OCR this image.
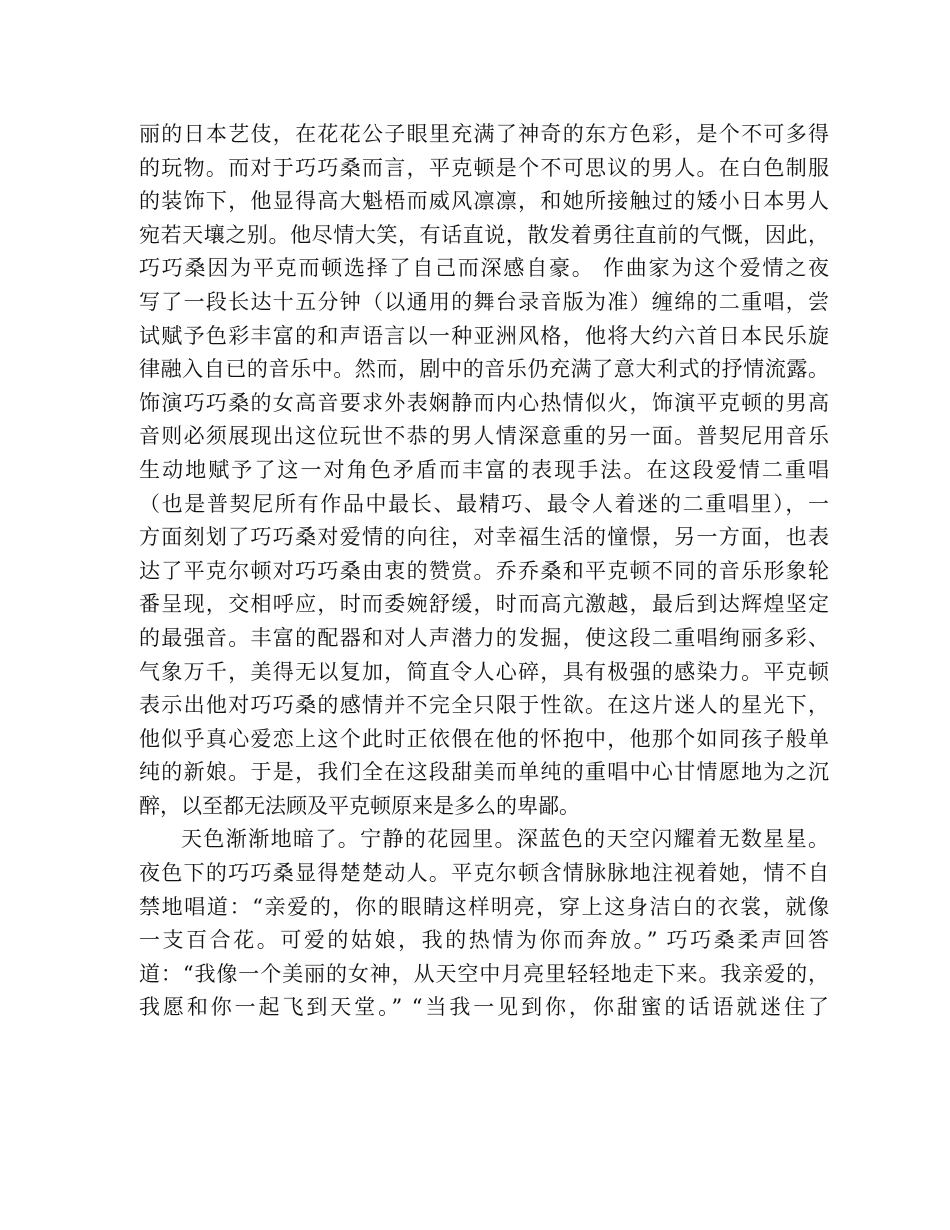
丽的日本艺伎，在花花公子眼里充满了神奇的东方色彩，是个不可多得
的玩物。而对于巧巧桑而言，平克顿是个不可思议的男人。在白色制服
的装饰下，他显得高大魁梧而威风凛凛，和她所接触过的矮小日本男人
宛若天壤之别。他尽情大笑，有话直说，散发着勇往直前的气慨，因此，
巧巧桑因为平克而顿选择了自己而深感自豪。 作曲家为这个爱情之夜
写了一段长达十五分钟（以通用的舞台录音版为准）缠绵的二重唱，尝
试赋予色彩丰富的和声语言以一种亚洲风格，他将大约六首日本民乐旋
律融入自已的音乐中。然而，剧中的音乐仍充满了意大利式的抒情流露。
饰演巧巧桑的女高音要求外表娴静而内心热情似火，饰演平克顿的男高
音则必须展现出这位玩世不恭的男人情深意重的另一面。普契尼用音乐
生动地赋予了这一对角色矛盾而丰富的表现手法。在这段爱情二重唱
（也是普契尼所有作品中最长、最精巧、最令人着迷的二重唱里），一
方面刻划了巧巧桑对爱情的向往，对幸福生活的憧憬，另一方面，也表
达了平克尔顿对巧巧桑由衷的赞赏。乔乔桑和平克顿不同的音乐形象轮
番呈现，交相呼应，时而委婉舒缓，时而高亢激越，最后到达辉煌坚定
的最强音。丰富的配器和对人声潜力的发掘，使这段二重唱绚丽多彩、
气象万千，美得无以复加，简直令人心碎，具有极强的感染力。平克顿
表示出他对巧巧桑的感情并不完全只限于性欲。在这片迷人的星光下，
他似乎真心爱恋上这个此时正依偎在他的怀抱中，他那个如同孩子般单
纯的新娘。于是，我们全在这段甜美而单纯的重唱中心甘情愿地为之沉
醉，以至都无法顾及平克顿原来是多么的卑鄙。
天色渐渐地暗了。宁静的花园里。深蓝色的天空闪耀着无数星星。
夜色下的巧巧桑显得楚楚动人。平克尔顿含情脉脉地注视着她，情不自
禁地唱道：“亲爱的，你的眼睛这样明亮，穿上这身洁白的衣裳，就像
一支百合花。可爱的姑娘，我的热情为你而奔放。” 巧巧桑柔声回答
道：“我像一个美丽的女神，从天空中月亮里轻轻地走下来。我亲爱的，
我愿和你一起飞到天堂。” “当我一见到你，你甜蜜的话语就迷住了
